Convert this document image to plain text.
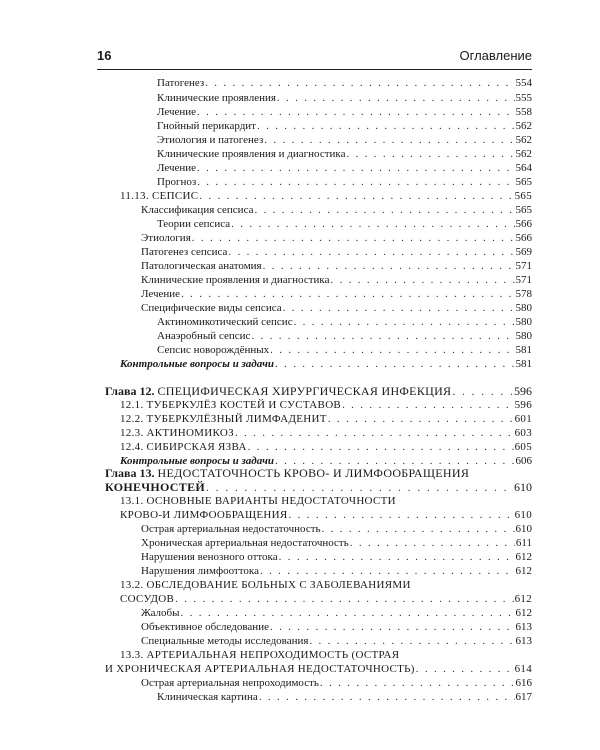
16	Оглавление
Патогенез . . .	554
Клинические проявления . . .	555
Лечение . . .	558
Гнойный перикардит . . .	562
Этиология и патогенез . . .	562
Клинические проявления и диагностика . . .	562
Лечение . . .	564
Прогноз . . .	565
11.13. СЕПСИС . . .	565
Классификация сепсиса . . .	565
Теории сепсиса . . .	566
Этиология . . .	566
Патогенез сепсиса . . .	569
Патологическая анатомия . . .	571
Клинические проявления и диагностика . . .	571
Лечение . . .	578
Специфические виды сепсиса . . .	580
Актиномикотический сепсис . . .	580
Анаэробный сепсис . . .	580
Сепсис новорождённых . . .	581
Контрольные вопросы и задачи . . .	581
Глава 12. СПЕЦИФИЧЕСКАЯ ХИРУРГИЧЕСКАЯ ИНФЕКЦИЯ . . .	596
12.1. ТУБЕРКУЛЁЗ КОСТЕЙ И СУСТАВОВ . . .	596
12.2. ТУБЕРКУЛЁЗНЫЙ ЛИМФАДЕНИТ . . .	601
12.3. АКТИНОМИКОЗ . . .	603
12.4. СИБИРСКАЯ ЯЗВА . . .	605
Контрольные вопросы и задачи . . .	606
Глава 13. НЕДОСТАТОЧНОСТЬ КРОВО- И ЛИМФООБРАЩЕНИЯ
КОНЕЧНОСТЕЙ . . .	610
13.1. ОСНОВНЫЕ ВАРИАНТЫ НЕДОСТАТОЧНОСТИ
КРОВО-И ЛИМФООБРАЩЕНИЯ . . .	610
Острая артериальная недостаточность . . .	610
Хроническая артериальная недостаточность . . .	611
Нарушения венозного оттока . . .	612
Нарушения лимфооттока . . .	612
13.2. ОБСЛЕДОВАНИЕ БОЛЬНЫХ С ЗАБОЛЕВАНИЯМИ
СОСУДОВ . . .	612
Жалобы . . .	612
Объективное обследование . . .	613
Специальные методы исследования . . .	613
13.3. АРТЕРИАЛЬНАЯ НЕПРОХОДИМОСТЬ (ОСТРАЯ
И ХРОНИЧЕСКАЯ АРТЕРИАЛЬНАЯ НЕДОСТАТОЧНОСТЬ) . . .	614
Острая артериальная непроходимость . . .	616
Клиническая картина . . .	617
